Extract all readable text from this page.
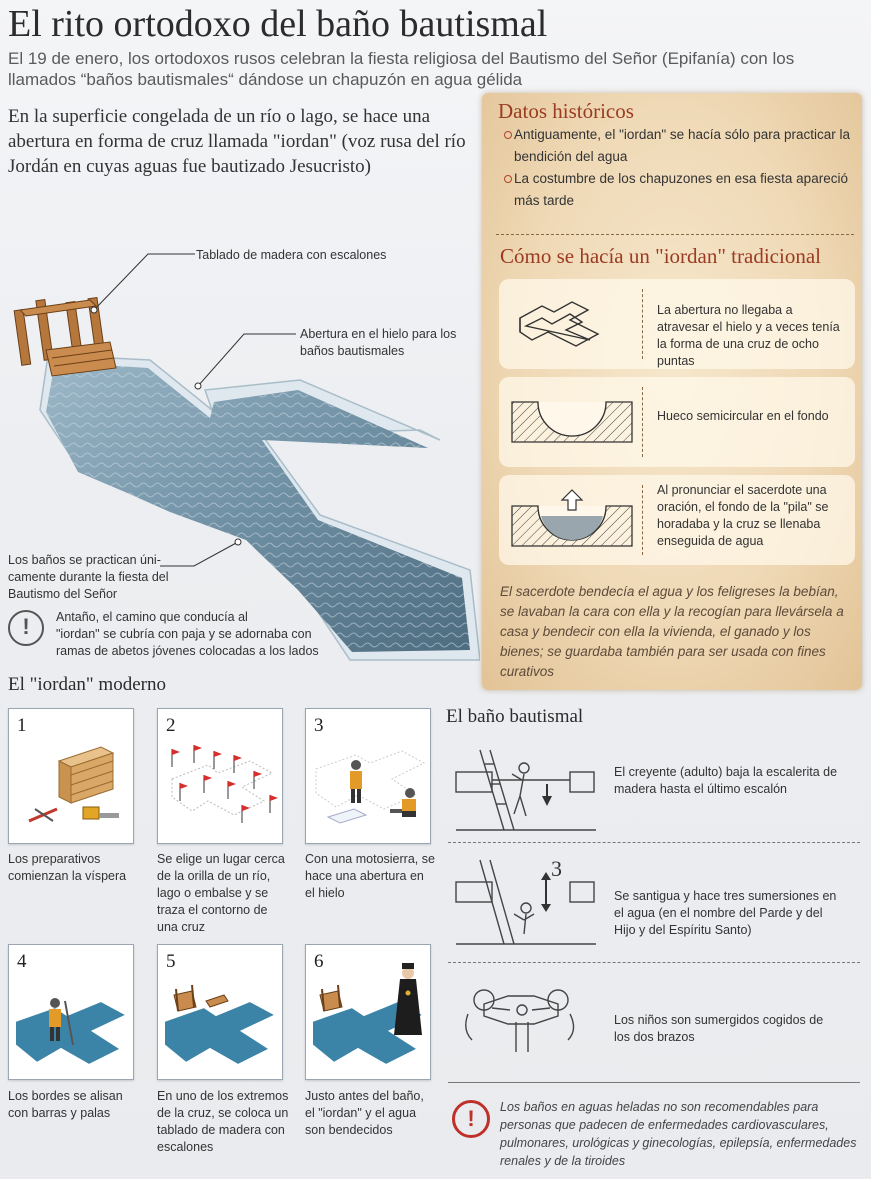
El rito ortodoxo del baño bautismal
El 19 de enero, los ortodoxos rusos celebran la fiesta religiosa del Bautismo del Señor (Epifanía) con los llamados “baños bautismales“ dándose un chapuzón en agua gélida
En la superficie congelada de un río o lago, se hace una abertura en forma de cruz llamada "iordan" (voz rusa del río Jordán en cuyas aguas fue bautizado Jesucristo)
Tablado de madera con escalones
Abertura en el hielo para los baños bautismales
Los baños se practican úni-
camente durante la fiesta del
Bautismo del Señor
!	Antaño, el camino que conducía al
"iordan" se cubría con paja y se adornaba con
ramas de abetos jóvenes colocadas a los lados
Datos históricos
Antiguamente, el "iordan" se hacía sólo para practicar la bendición del agua
La costumbre de los chapuzones en esa fiesta apareció más tarde
Cómo se hacía un "iordan" tradicional
La abertura no llegaba a atravesar el hielo y a veces tenía la forma de una cruz de ocho puntas
Hueco semicircular en el fondo
Al pronunciar el sacerdote una oración, el fondo de la "pila" se horadaba y la cruz se llenaba enseguida de agua
El sacerdote bendecía el agua y los feligreses la bebían, se lavaban la cara con ella y la recogían para llevársela a casa y bendecir con ella la vivienda, el ganado y los bienes; se guardaba también para ser usada con fines curativos
El "iordan" moderno
1	2	3
Los preparativos comienzan la víspera
Se elige un lugar cerca de la orilla de un río, lago o embalse y se traza el contorno de una cruz
Con una motosierra, se hace una abertura en el hielo
4	5	6
Los bordes se alisan con barras y palas
En uno de los extremos de la cruz, se coloca un tablado de madera con escalones
Justo antes del baño, el "iordan" y el agua son bendecidos
El baño bautismal
El creyente (adulto) baja la escalerita de madera hasta el último escalón
3
Se santigua y hace tres sumersiones en el agua (en el nombre del Parde y del Hijo y del Espíritu Santo)
Los niños son sumergidos cogidos de los dos brazos
!	Los baños en aguas heladas no son recomendables para personas que padecen de enfermedades cardiovasculares, pulmonares, urológicas y ginecologías, epilepsía, enfermedades renales y de la tiroides
